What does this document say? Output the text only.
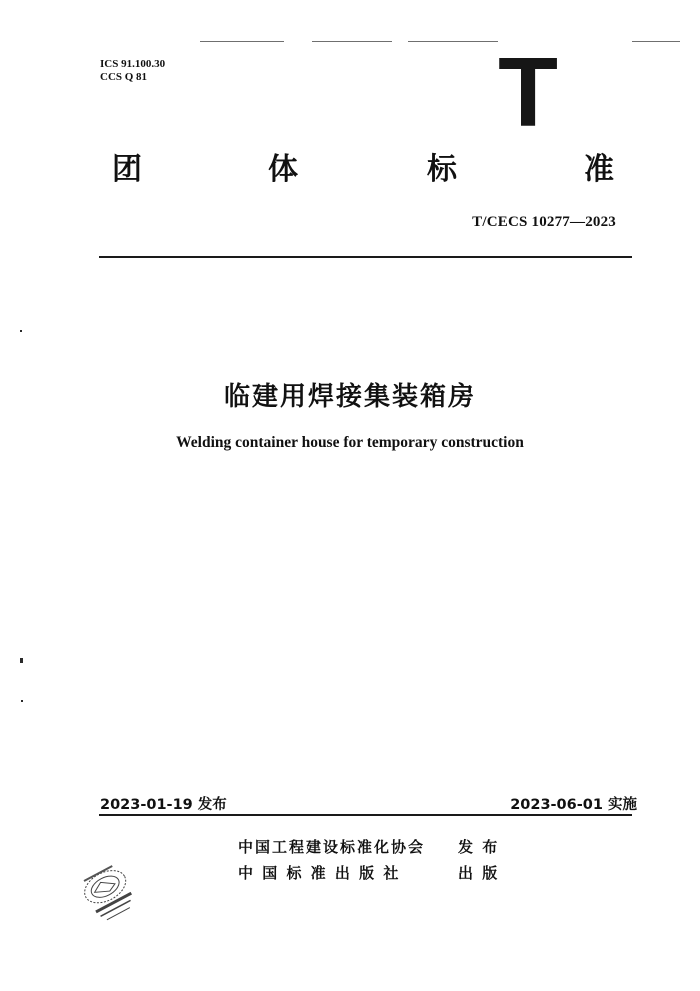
ICS 91.100.30
CCS Q 81	T
团	体	标	准
T/CECS 10277—2023
临建用焊接集装箱房
Welding container house for temporary construction
2023-01-19 发布	2023-06-01 实施
中国工程建设标准化协会 发 布
中 国 标 准 出 版 社	出 版
